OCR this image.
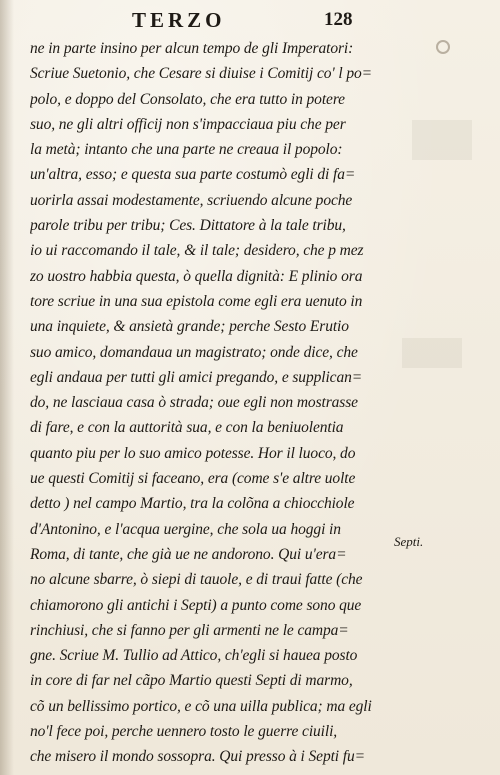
TERZO	128
ne in parte insino per alcun tempo de gli Imperatori:
Scriue Suetonio, che Cesare si diuise i Comitij co' l po=
polo, e doppo del Consolato, che era tutto in potere
suo, ne gli altri officij non s'impacciaua piu che per
la metà; intanto che una parte ne creaua il popolo:
un'altra, esso; e questa sua parte costumò egli di fa=
uorirla assai modestamente, scriuendo alcune poche
parole tribu per tribu; Ces. Dittatore à la tale tribu,
io ui raccomando il tale, & il tale; desidero, che p mez
zo uostro habbia questa, ò quella dignità: E plinio ora
tore scriue in una sua epistola come egli era uenuto in
una inquiete, & ansietà grande; perche Sesto Erutio
suo amico, domandaua un magistrato; onde dice, che
egli andaua per tutti gli amici pregando, e supplican=
do, ne lasciaua casa ò strada; oue egli non mostrasse
di fare, e con la auttorità sua, e con la beniuolentia
quanto piu per lo suo amico potesse. Hor il luoco, do
ue questi Comitij si faceano, era (come s'e altre uolte
detto ) nel campo Martio, tra la colõna a chiocchiole
d'Antonino, e l'acqua uergine, che sola ua hoggi in
Roma, di tante, che già ue ne andorono. Qui u'era=
no alcune sbarre, ò siepi di tauole, e di traui fatte (che
chiamorono gli antichi i Septi) a punto come sono que
rinchiusi, che si fanno per gli armenti ne le campa=
gne. Scriue M. Tullio ad Attico, ch'egli si hauea posto
in core di far nel cãpo Martio questi Septi di marmo,
cõ un bellissimo portico, e cõ una uilla publica; ma egli
no'l fece poi, perche uennero tosto le guerre ciuili,
che misero il mondo sossopra. Qui presso à i Septi fu=
Septi.
